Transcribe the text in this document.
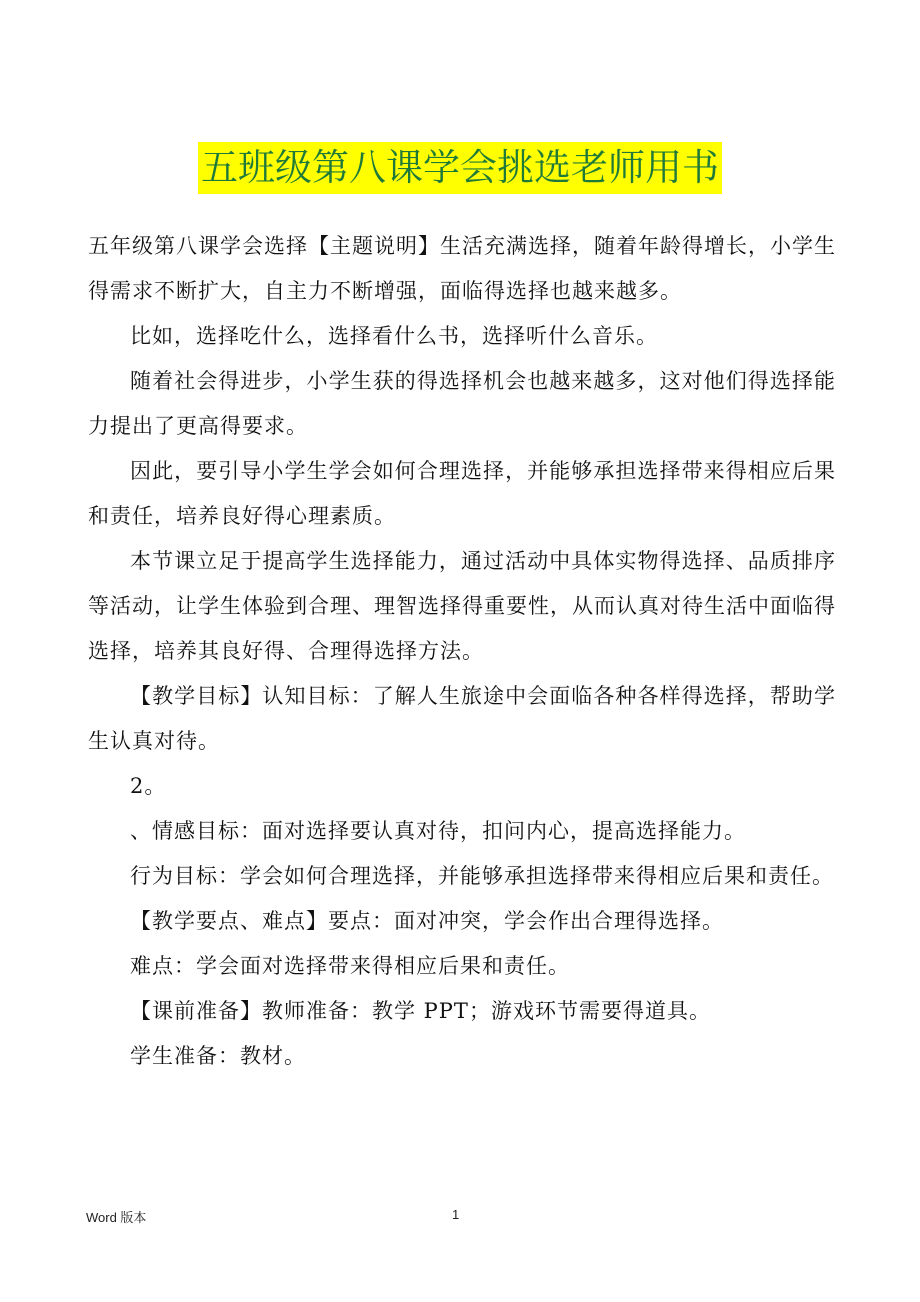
五班级第八课学会挑选老师用书

五年级第八课学会选择【主题说明】生活充满选择，随着年龄得增长，小学生得需求不断扩大，自主力不断增强，面临得选择也越来越多。

比如，选择吃什么，选择看什么书，选择听什么音乐。

随着社会得进步，小学生获的得选择机会也越来越多，这对他们得选择能力提出了更高得要求。

因此，要引导小学生学会如何合理选择，并能够承担选择带来得相应后果和责任，培养良好得心理素质。

本节课立足于提高学生选择能力，通过活动中具体实物得选择、品质排序等活动，让学生体验到合理、理智选择得重要性，从而认真对待生活中面临得选择，培养其良好得、合理得选择方法。

【教学目标】认知目标：了解人生旅途中会面临各种各样得选择，帮助学生认真对待。

2。

、情感目标：面对选择要认真对待，扣问内心，提高选择能力。

行为目标：学会如何合理选择，并能够承担选择带来得相应后果和责任。

【教学要点、难点】要点：面对冲突，学会作出合理得选择。

难点：学会面对选择带来得相应后果和责任。

【课前准备】教师准备：教学 PPT；游戏环节需要得道具。

学生准备：教材。

Word 版本	1
